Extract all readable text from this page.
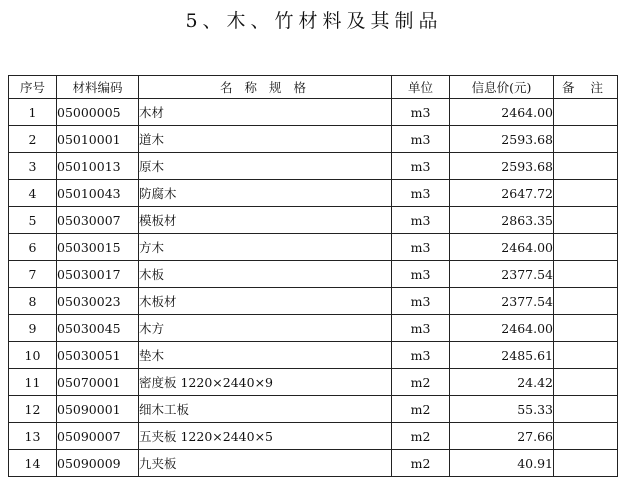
5、木、竹材料及其制品
序号	材料编码	名 称 规 格	单位	信息价(元)	备 注
1	05000005	木材	m3	2464.00	
2	05010001	道木	m3	2593.68	
3	05010013	原木	m3	2593.68	
4	05010043	防腐木	m3	2647.72	
5	05030007	模板材	m3	2863.35	
6	05030015	方木	m3	2464.00	
7	05030017	木板	m3	2377.54	
8	05030023	木板材	m3	2377.54	
9	05030045	木方	m3	2464.00	
10	05030051	垫木	m3	2485.61	
11	05070001	密度板 1220×2440×9	m2	24.42	
12	05090001	细木工板	m2	55.33	
13	05090007	五夹板 1220×2440×5	m2	27.66	
14	05090009	九夹板	m2	40.91	
